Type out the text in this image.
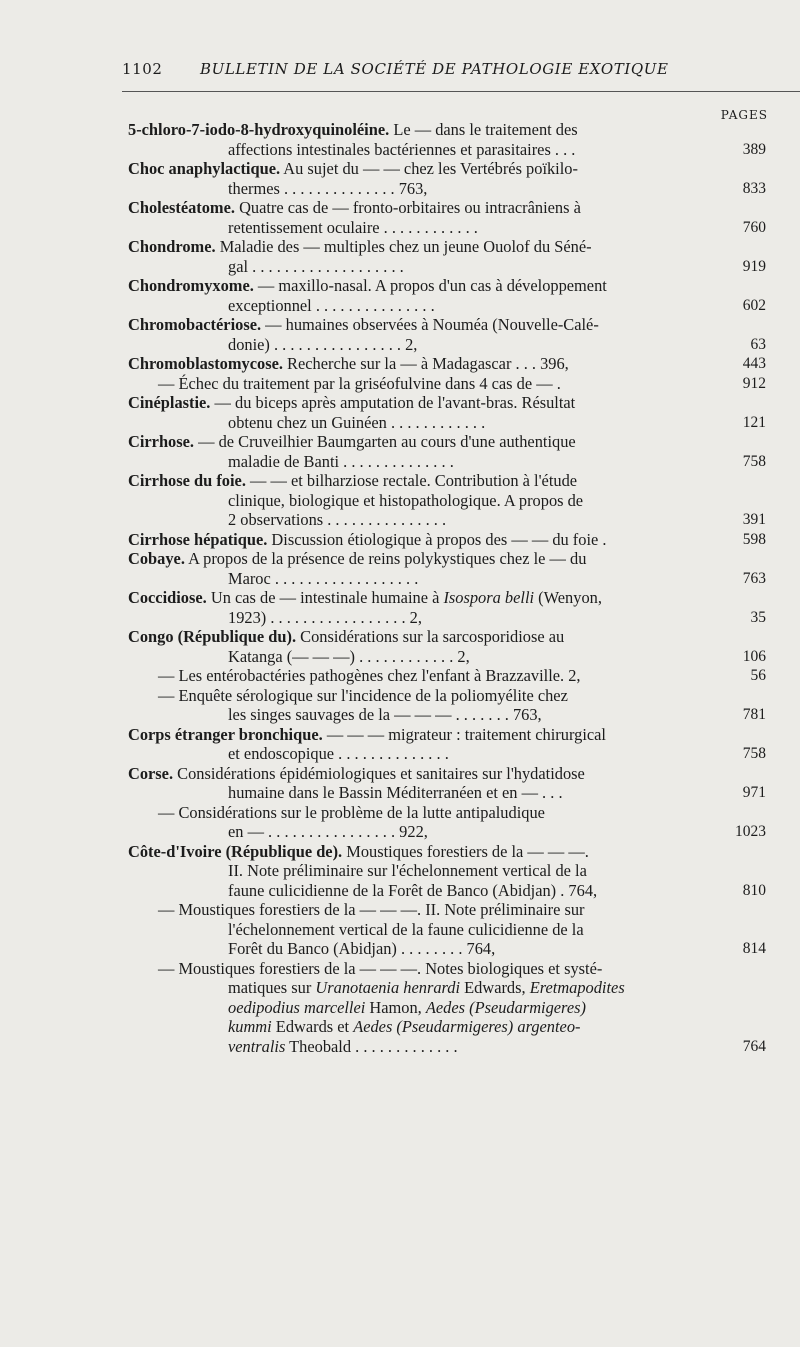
1102 BULLETIN DE LA SOCIÉTÉ DE PATHOLOGIE EXOTIQUE
PAGES
5-chloro-7-iodo-8-hydroxyquinoléine. Le — dans le traitement des
affections intestinales bactériennes et parasitaires . . .	389
Choc anaphylactique. Au sujet du — — chez les Vertébrés poïkilo-
thermes . . . . . . . . . . . . . . 763,	833
Cholestéatome. Quatre cas de — fronto-orbitaires ou intracrâniens à
retentissement oculaire . . . . . . . . . . . .	760
Chondrome. Maladie des — multiples chez un jeune Ouolof du Séné-
gal . . . . . . . . . . . . . . . . . . .	919
Chondromyxome. — maxillo-nasal. A propos d'un cas à développement
exceptionnel . . . . . . . . . . . . . . .	602
Chromobactériose. — humaines observées à Nouméa (Nouvelle-Calé-
donie) . . . . . . . . . . . . . . . . 2,	63
Chromoblastomycose. Recherche sur la — à Madagascar . . . 396,	443
— Échec du traitement par la griséofulvine dans 4 cas de — .	912
Cinéplastie. — du biceps après amputation de l'avant-bras. Résultat
obtenu chez un Guinéen . . . . . . . . . . . .	121
Cirrhose. — de Cruveilhier Baumgarten au cours d'une authentique
maladie de Banti . . . . . . . . . . . . . .	758
Cirrhose du foie. — — et bilharziose rectale. Contribution à l'étude
clinique, biologique et histopathologique. A propos de
2 observations . . . . . . . . . . . . . . .	391
Cirrhose hépatique. Discussion étiologique à propos des — — du foie .	598
Cobaye. A propos de la présence de reins polykystiques chez le — du
Maroc . . . . . . . . . . . . . . . . . .	763
Coccidiose. Un cas de — intestinale humaine à Isospora belli (Wenyon,
1923) . . . . . . . . . . . . . . . . . 2,	35
Congo (République du). Considérations sur la sarcosporidiose au
Katanga (— — —) . . . . . . . . . . . . 2,	106
— Les entérobactéries pathogènes chez l'enfant à Brazzaville. 2,	56
— Enquête sérologique sur l'incidence de la poliomyélite chez
les singes sauvages de la — — — . . . . . . . 763,	781
Corps étranger bronchique. — — — migrateur : traitement chirurgical
et endoscopique . . . . . . . . . . . . . .	758
Corse. Considérations épidémiologiques et sanitaires sur l'hydatidose
humaine dans le Bassin Méditerranéen et en — . . .	971
— Considérations sur le problème de la lutte antipaludique
en — . . . . . . . . . . . . . . . . 922,	1023
Côte-d'Ivoire (République de). Moustiques forestiers de la — — —.
II. Note préliminaire sur l'échelonnement vertical de la
faune culicidienne de la Forêt de Banco (Abidjan) . 764,	810
— Moustiques forestiers de la — — —. II. Note préliminaire sur
l'échelonnement vertical de la faune culicidienne de la
Forêt du Banco (Abidjan) . . . . . . . . 764,	814
— Moustiques forestiers de la — — —. Notes biologiques et systé-
matiques sur Uranotaenia henrardi Edwards, Eretmapodites
oedipodius marcellei Hamon, Aedes (Pseudarmigeres)
kummi Edwards et Aedes (Pseudarmigeres) argenteo-
ventralis Theobald . . . . . . . . . . . . .	764
